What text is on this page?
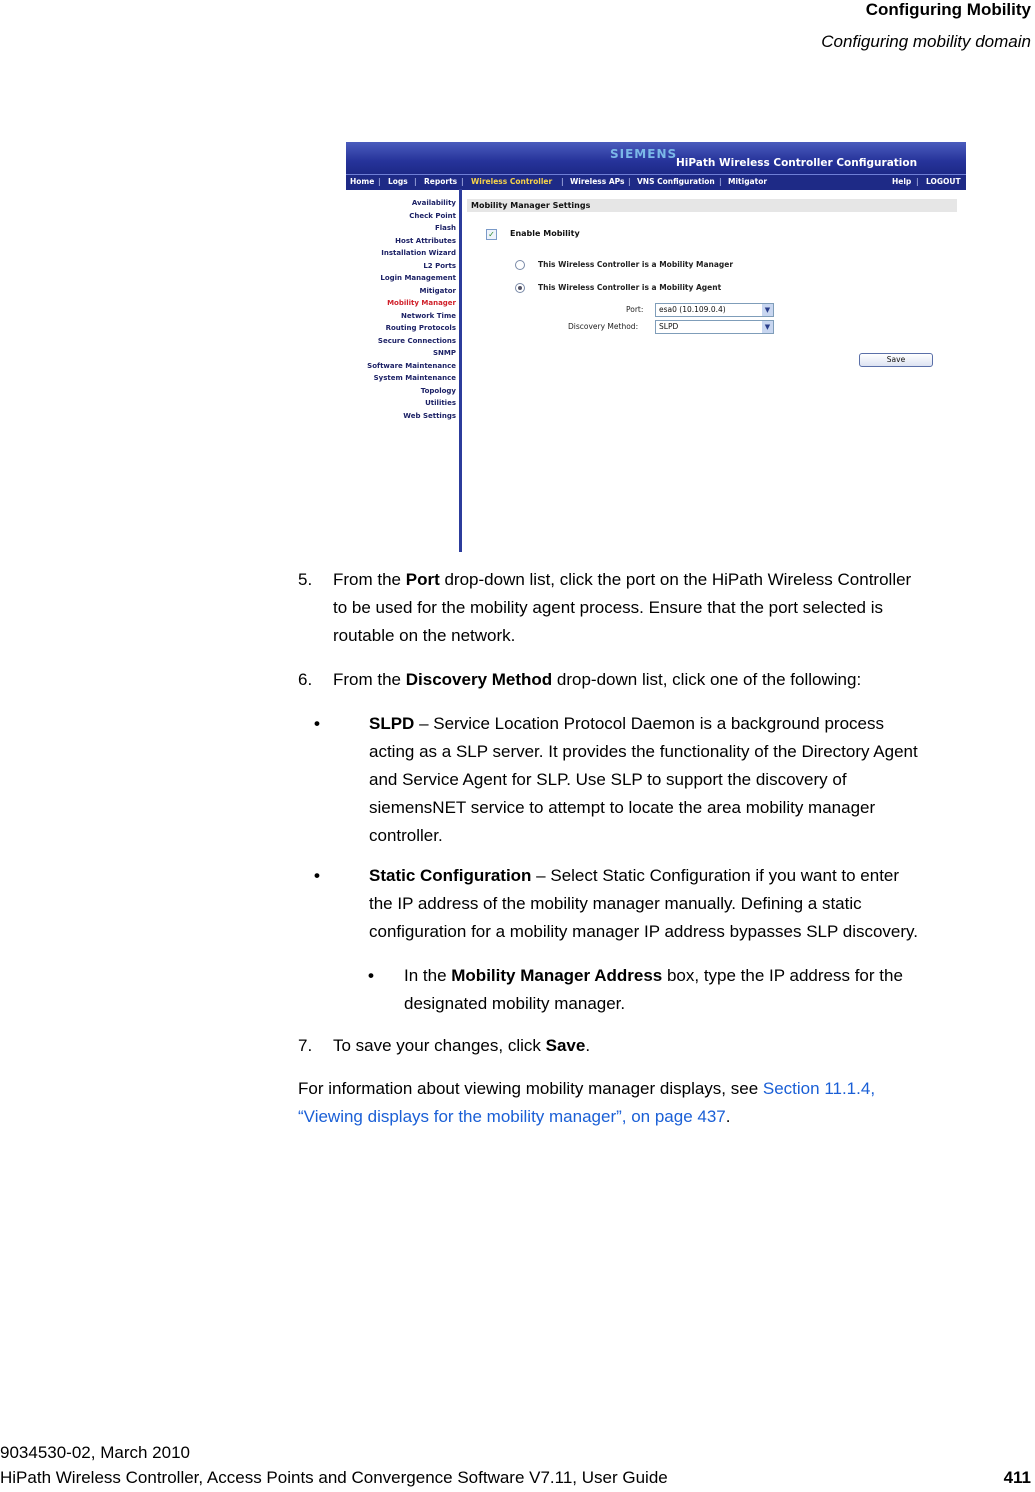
Configuring Mobility
Configuring mobility domain
SIEMENS
HiPath Wireless Controller Configuration
Home | Logs | Reports | Wireless Controller | Wireless APs | VNS Configuration | Mitigator	Help | LOGOUT
Availability
Check Point
Flash
Host Attributes
Installation Wizard
L2 Ports
Login Management
Mitigator
Mobility Manager
Network Time
Routing Protocols
Secure Connections
SNMP
Software Maintenance
System Maintenance
Topology
Utilities
Web Settings
Mobility Manager Settings
✓ Enable Mobility
This Wireless Controller is a Mobility Manager
This Wireless Controller is a Mobility Agent
Port: esa0 (10.109.0.4)	▼
Discovery Method:	SLPD	▼
Save
5. From the Port drop-down list, click the port on the HiPath Wireless Controller
to be used for the mobility agent process. Ensure that the port selected is
routable on the network.
6. From the Discovery Method drop-down list, click one of the following:
•	SLPD – Service Location Protocol Daemon is a background process
acting as a SLP server. It provides the functionality of the Directory Agent
and Service Agent for SLP. Use SLP to support the discovery of
siemensNET service to attempt to locate the area mobility manager
controller.
•	Static Configuration – Select Static Configuration if you want to enter
the IP address of the mobility manager manually. Defining a static
configuration for a mobility manager IP address bypasses SLP discovery.
• In the Mobility Manager Address box, type the IP address for the
designated mobility manager.
7. To save your changes, click Save.
For information about viewing mobility manager displays, see Section 11.1.4,
“Viewing displays for the mobility manager”, on page 437.
9034530-02, March 2010
HiPath Wireless Controller, Access Points and Convergence Software V7.11, User Guide	411
